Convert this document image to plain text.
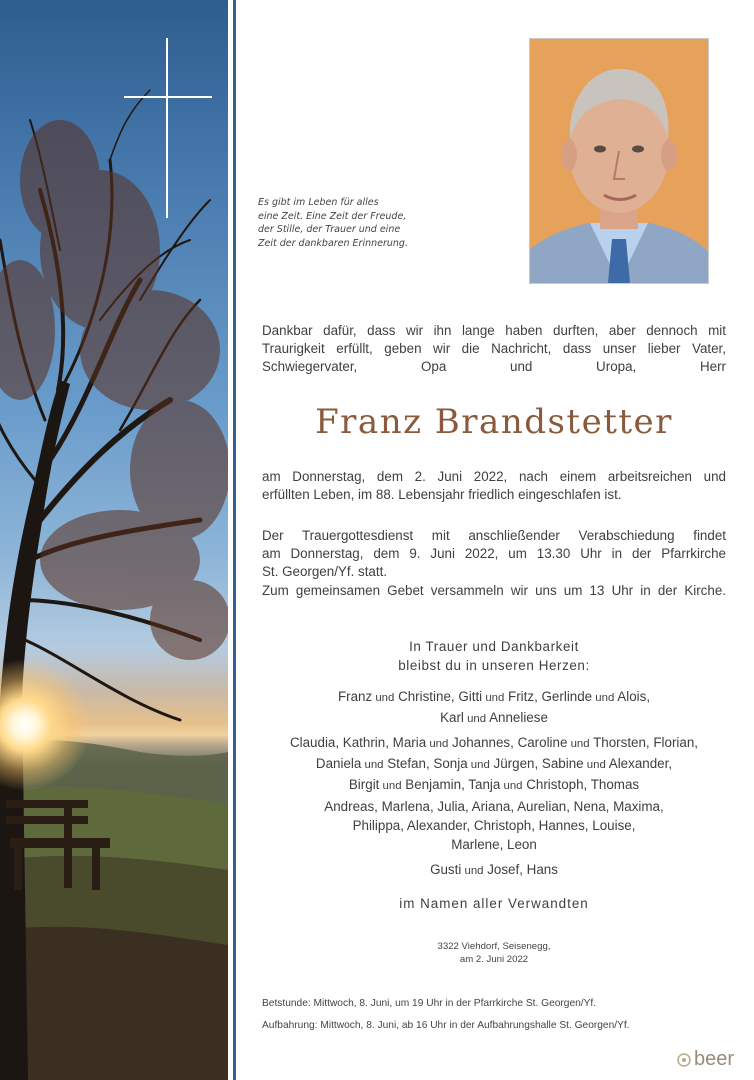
Es gibt im Leben für alles
eine Zeit. Eine Zeit der Freude,
der Stille, der Trauer und eine
Zeit der dankbaren Erinnerung.
Dankbar dafür, dass wir ihn lange haben durften, aber dennoch mit
Traurigkeit erfüllt, geben wir die Nachricht, dass unser lieber Vater,
Schwiegervater, Opa und Uropa, Herr
Franz Brandstetter
am Donnerstag, dem 2. Juni 2022, nach einem arbeitsreichen und
erfüllten Leben, im 88. Lebensjahr friedlich eingeschlafen ist.
Der Trauergottesdienst mit anschließender Verabschiedung findet
am Donnerstag, dem 9. Juni 2022, um 13.30 Uhr in der Pfarrkirche
St. Georgen/Yf. statt.
Zum gemeinsamen Gebet versammeln wir uns um 13 Uhr in der Kirche.
In Trauer und Dankbarkeit
bleibst du in unseren Herzen:
Franz und Christine, Gitti und Fritz, Gerlinde und Alois,
Karl und Anneliese
Claudia, Kathrin, Maria und Johannes, Caroline und Thorsten, Florian,
Daniela und Stefan, Sonja und Jürgen, Sabine und Alexander,
Birgit und Benjamin, Tanja und Christoph, Thomas
Andreas, Marlena, Julia, Ariana, Aurelian, Nena, Maxima,
Philippa, Alexander, Christoph, Hannes, Louise,
Marlene, Leon
Gusti und Josef, Hans
im Namen aller Verwandten
3322 Viehdorf, Seisenegg,
am 2. Juni 2022
Betstunde: Mittwoch, 8. Juni, um 19 Uhr in der Pfarrkirche St. Georgen/Yf.
Aufbahrung: Mittwoch, 8. Juni, ab 16 Uhr in der Aufbahrungshalle St. Georgen/Yf.
beer
